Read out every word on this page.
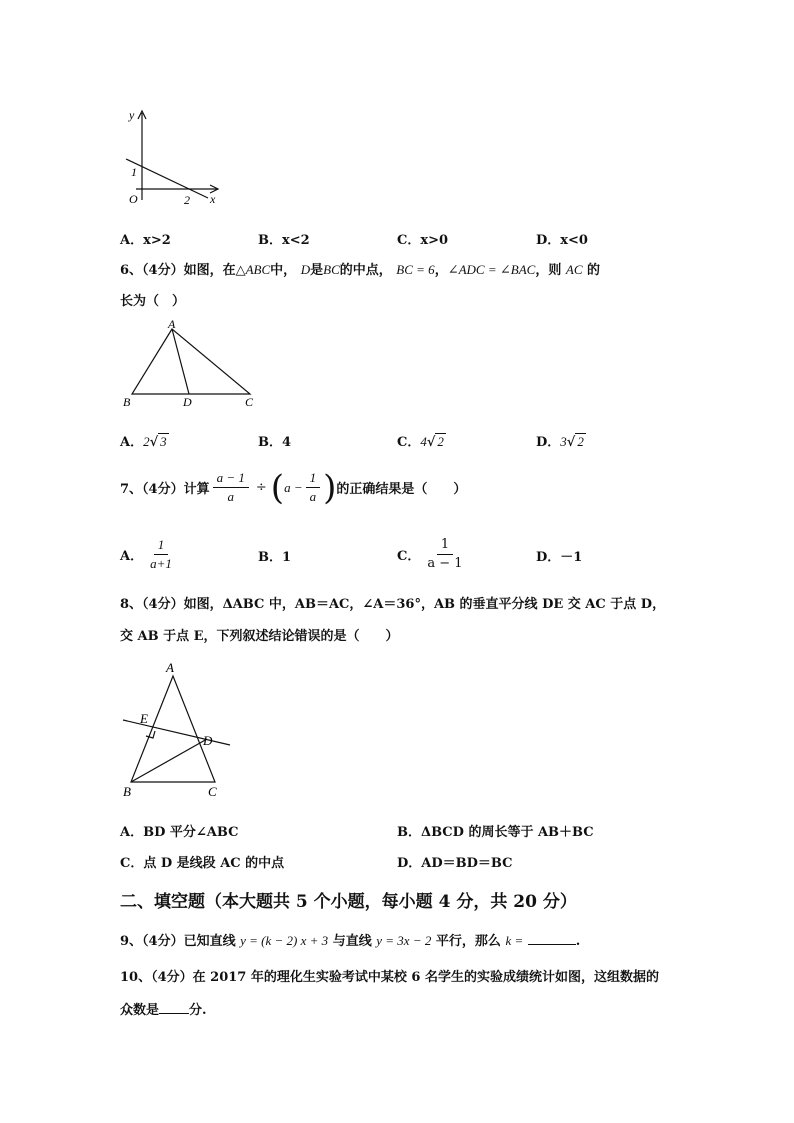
y
x
O
1
2
A．x>2	B．x<2	C．x>0	D．x<0
6、（4分）如图，在△ABC中， D是BC的中点， BC = 6，∠ADC = ∠BAC，则 AC 的
长为（　）
A
B	D	C
A．2√ 3	B．4	C．4√ 2	D．3√ 2
7、（4分） 计算 $\frac{a - 1}{a}$ ÷ ( $a - \frac{1}{a}$ ) 的正确结果是（　　）
A． $\frac{1}{a+1}$	B．1	C． $\frac{1}{a - 1}$	D．－1
8、（4分）如图，ΔABC 中，AB＝AC，∠A＝36°，AB 的垂直平分线 DE 交 AC 于点 D，
交 AB 于点 E，下列叙述结论错误的是（　　）
A
E
D
B	C
A．BD 平分∠ABC	B．ΔBCD 的周长等于 AB＋BC
C．点 D 是线段 AC 的中点	D．AD＝BD＝BC
二、填空题（本大题共 5 个小题，每小题 4 分，共 20 分）
9、（4分）已知直线 y = (k − 2) x + 3 与直线 y = 3x − 2 平行，那么 k =	.
10、（4分）在 2017 年的理化生实验考试中某校 6 名学生的实验成绩统计如图，这组数据的
众数是 分.
